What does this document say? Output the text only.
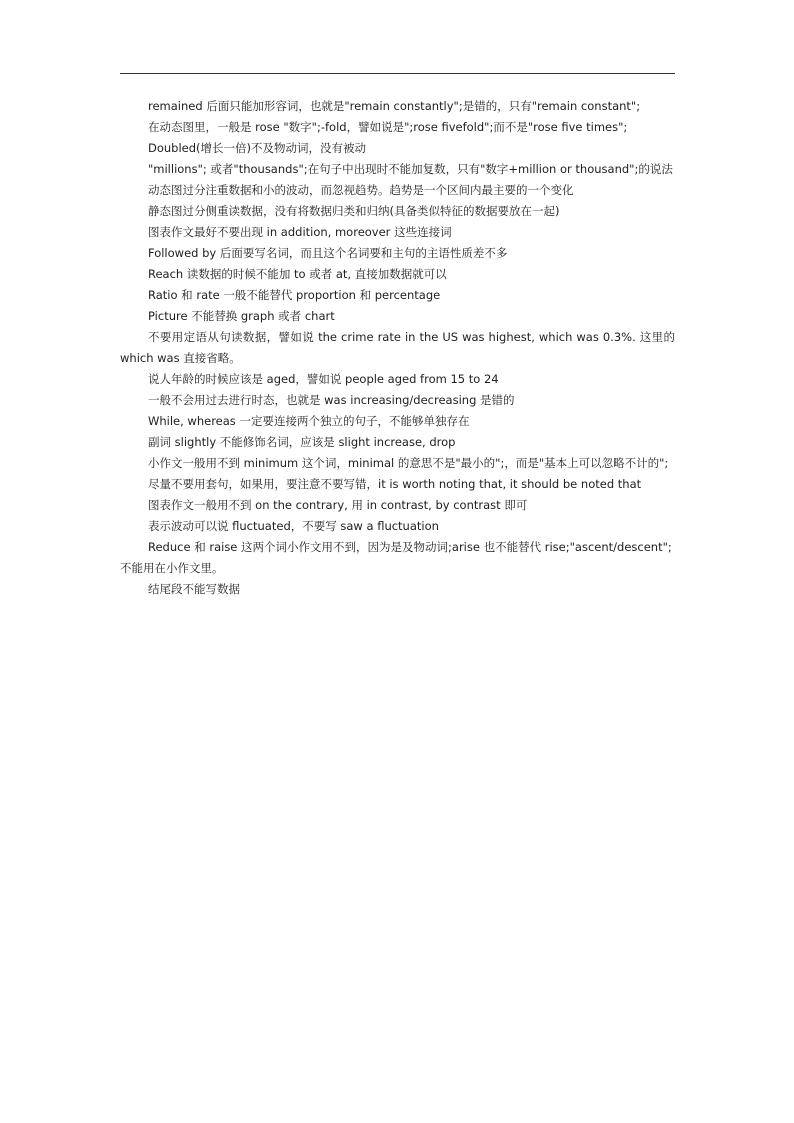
remained 后面只能加形容词，也就是"remain constantly";是错的，只有"remain constant";

在动态图里，一般是 rose "数字";-fold，譬如说是";rose fivefold";而不是"rose five times";

Doubled(增长一倍)不及物动词，没有被动

"millions"; 或者"thousands";在句子中出现时不能加复数，只有"数字+million or thousand";的说法

动态图过分注重数据和小的波动，而忽视趋势。趋势是一个区间内最主要的一个变化

静态图过分侧重读数据，没有将数据归类和归纳(具备类似特征的数据要放在一起)

图表作文最好不要出现 in addition, moreover 这些连接词

Followed by 后面要写名词，而且这个名词要和主句的主语性质差不多

Reach 读数据的时候不能加 to 或者 at, 直接加数据就可以

Ratio 和 rate 一般不能替代 proportion 和 percentage

Picture 不能替换 graph 或者 chart

不要用定语从句读数据，譬如说 the crime rate in the US was highest, which was 0.3%. 这里的 which was 直接省略。

说人年龄的时候应该是 aged，譬如说 people aged from 15 to 24

一般不会用过去进行时态，也就是 was increasing/decreasing 是错的

While, whereas 一定要连接两个独立的句子，不能够单独存在

副词 slightly 不能修饰名词，应该是 slight increase, drop

小作文一般用不到 minimum 这个词，minimal 的意思不是"最小的";，而是"基本上可以忽略不计的";

尽量不要用套句，如果用，要注意不要写错，it is worth noting that, it should be noted that

图表作文一般用不到 on the contrary, 用 in contrast, by contrast 即可

表示波动可以说 fluctuated，不要写 saw a fluctuation

Reduce 和 raise 这两个词小作文用不到，因为是及物动词;arise 也不能替代 rise;"ascent/descent";不能用在小作文里。

结尾段不能写数据
